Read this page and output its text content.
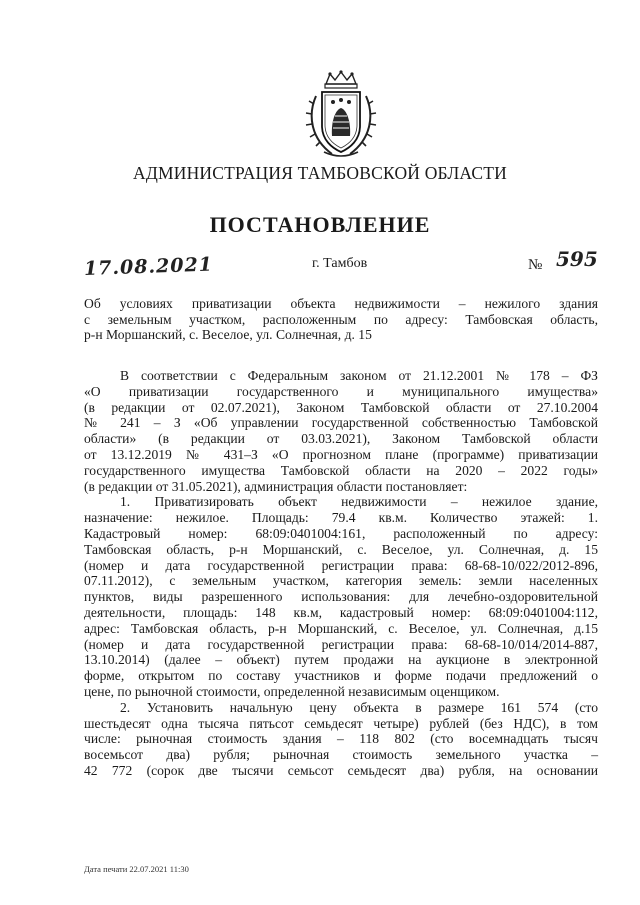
АДМИНИСТРАЦИЯ ТАМБОВСКОЙ ОБЛАСТИ
ПОСТАНОВЛЕНИЕ
17.08.2021	г. Тамбов	№ 595
Об условиях приватизации объекта недвижимости – нежилого здания
с земельным участком, расположенным по адресу: Тамбовская область,
р-н Моршанский, с. Веселое, ул. Солнечная, д. 15
В соответствии с Федеральным законом от 21.12.2001 № 178 – ФЗ
«О приватизации государственного и муниципального имущества»
(в редакции от 02.07.2021), Законом Тамбовской области от 27.10.2004
№ 241 – З «Об управлении государственной собственностью Тамбовской
области» (в редакции от 03.03.2021), Законом Тамбовской области
от 13.12.2019 № 431–З «О прогнозном плане (программе) приватизации
государственного имущества Тамбовской области на 2020 – 2022 годы»
(в редакции от 31.05.2021), администрация области постановляет:
1. Приватизировать объект недвижимости – нежилое здание,
назначение: нежилое. Площадь: 79.4 кв.м. Количество этажей: 1.
Кадастровый номер: 68:09:0401004:161, расположенный по адресу:
Тамбовская область, р-н Моршанский, с. Веселое, ул. Солнечная, д. 15
(номер и дата государственной регистрации права: 68-68-10/022/2012-896,
07.11.2012), с земельным участком, категория земель: земли населенных
пунктов, виды разрешенного использования: для лечебно-оздоровительной
деятельности, площадь: 148 кв.м, кадастровый номер: 68:09:0401004:112,
адрес: Тамбовская область, р-н Моршанский, с. Веселое, ул. Солнечная, д.15
(номер и дата государственной регистрации права: 68-68-10/014/2014-887,
13.10.2014) (далее – объект) путем продажи на аукционе в электронной
форме, открытом по составу участников и форме подачи предложений о
цене, по рыночной стоимости, определенной независимым оценщиком.
2. Установить начальную цену объекта в размере 161 574 (сто
шестьдесят одна тысяча пятьсот семьдесят четыре) рублей (без НДС), в том
числе: рыночная стоимость здания – 118 802 (сто восемнадцать тысяч
восемьсот два) рубля; рыночная стоимость земельного участка –
42 772 (сорок две тысячи семьсот семьдесят два) рубля, на основании
Дата печати 22.07.2021 11:30
